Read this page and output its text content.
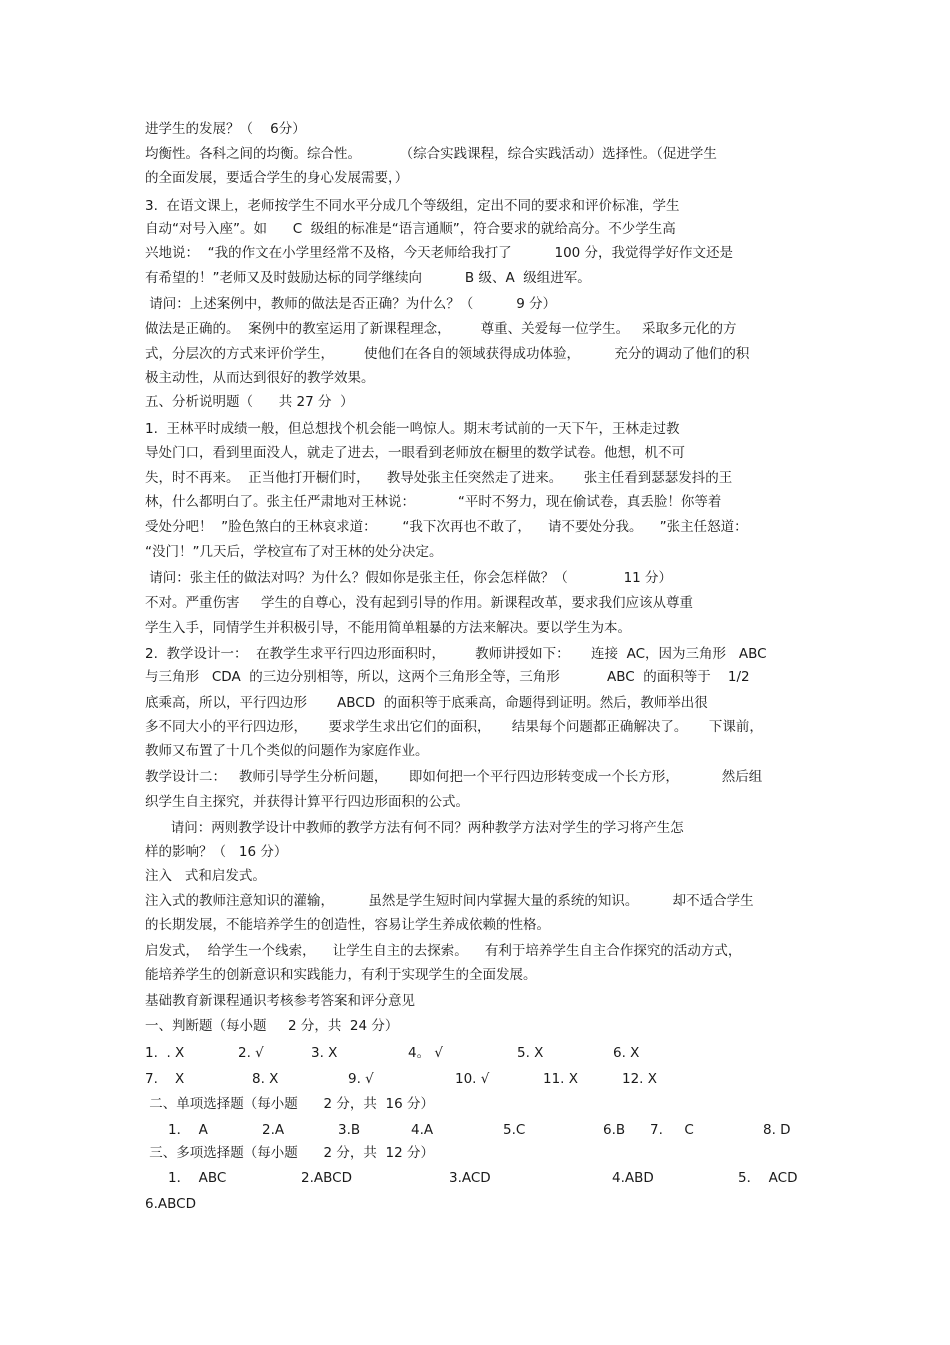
进学生的发展？（    6分）
均衡性。各科之间的均衡。综合性。         （综合实践课程，综合实践活动）选择性。（促进学生
的全面发展，要适合学生的身心发展需要，）
3.  在语文课上，老师按学生不同水平分成几个等级组，定出不同的要求和评价标准，学生
自动“对号入座”。如      C  级组的标准是“语言通顺”，符合要求的就给高分。不少学生高
兴地说：  “我的作文在小学里经常不及格，今天老师给我打了          100 分，我觉得学好作文还是
有希望的！”老师又及时鼓励达标的同学继续向          B 级、A  级组进军。
请问：上述案例中，教师的做法是否正确？为什么？（          9 分）
做法是正确的。  案例中的教室运用了新课程理念，       尊重、关爱每一位学生。   采取多元化的方
式，分层次的方式来评价学生，       使他们在各自的领域获得成功体验，        充分的调动了他们的积
极主动性，从而达到很好的教学效果。
五、分析说明题（      共 27 分  ）
1.  王林平时成绩一般，但总想找个机会能一鸣惊人。期末考试前的一天下午，王林走过教
导处门口，看到里面没人，就走了进去，一眼看到老师放在橱里的数学试卷。他想，机不可
失，时不再来。  正当他打开橱们时，    教导处张主任突然走了进来。     张主任看到瑟瑟发抖的王
林，什么都明白了。张主任严肃地对王林说：          “平时不努力，现在偷试卷，真丢脸！你等着
受处分吧！  ”脸色煞白的王林哀求道：      “我下次再也不敢了，    请不要处分我。    ”张主任怒道：
“没门！”几天后，学校宣布了对王林的处分决定。
请问：张主任的做法对吗？为什么？假如你是张主任，你会怎样做？（             11 分）
不对。严重伤害     学生的自尊心，没有起到引导的作用。新课程改革，要求我们应该从尊重
学生入手，同情学生并积极引导，不能用简单粗暴的方法来解决。要以学生为本。
2.  教学设计一：  在教学生求平行四边形面积时，       教师讲授如下：     连接  AC，因为三角形   ABC
与三角形   CDA  的三边分别相等，所以，这两个三角形全等，三角形           ABC  的面积等于    1/2
底乘高，所以，平行四边形       ABCD  的面积等于底乘高，命题得到证明。然后，教师举出很
多不同大小的平行四边形，     要求学生求出它们的面积，     结果每个问题都正确解决了。     下课前，
教师又布置了十几个类似的问题作为家庭作业。
教学设计二：   教师引导学生分析问题，     即如何把一个平行四边形转变成一个长方形，          然后组
织学生自主探究，并获得计算平行四边形面积的公式。
请问：两则教学设计中教师的教学方法有何不同？两种教学方法对学生的学习将产生怎
样的影响？（   16 分）
注入   式和启发式。
注入式的教师注意知识的灌输，        虽然是学生短时间内掌握大量的系统的知识。        却不适合学生
的长期发展，不能培养学生的创造性，容易让学生养成依赖的性格。
启发式，  给学生一个线索，    让学生自主的去探索。    有利于培养学生自主合作探究的活动方式，
能培养学生的创新意识和实践能力，有利于实现学生的全面发展。
基础教育新课程通识考核参考答案和评分意见
一、判断题（每小题     2 分，共  24 分）
1.  . X	2. √	3. X	4。 √	5. X	6. X
7.    X	8. X	9. √	10. √	11. X	12. X
二、单项选择题（每小题      2 分，共  16 分）
1．  A	2.A	3.B	4.A	5.C	6.B 7.     C	8. D
三、多项选择题（每小题      2 分，共  12 分）
1．  ABC	2.ABCD	3.ACD	4.ABD	5．  ACD
6.ABCD
